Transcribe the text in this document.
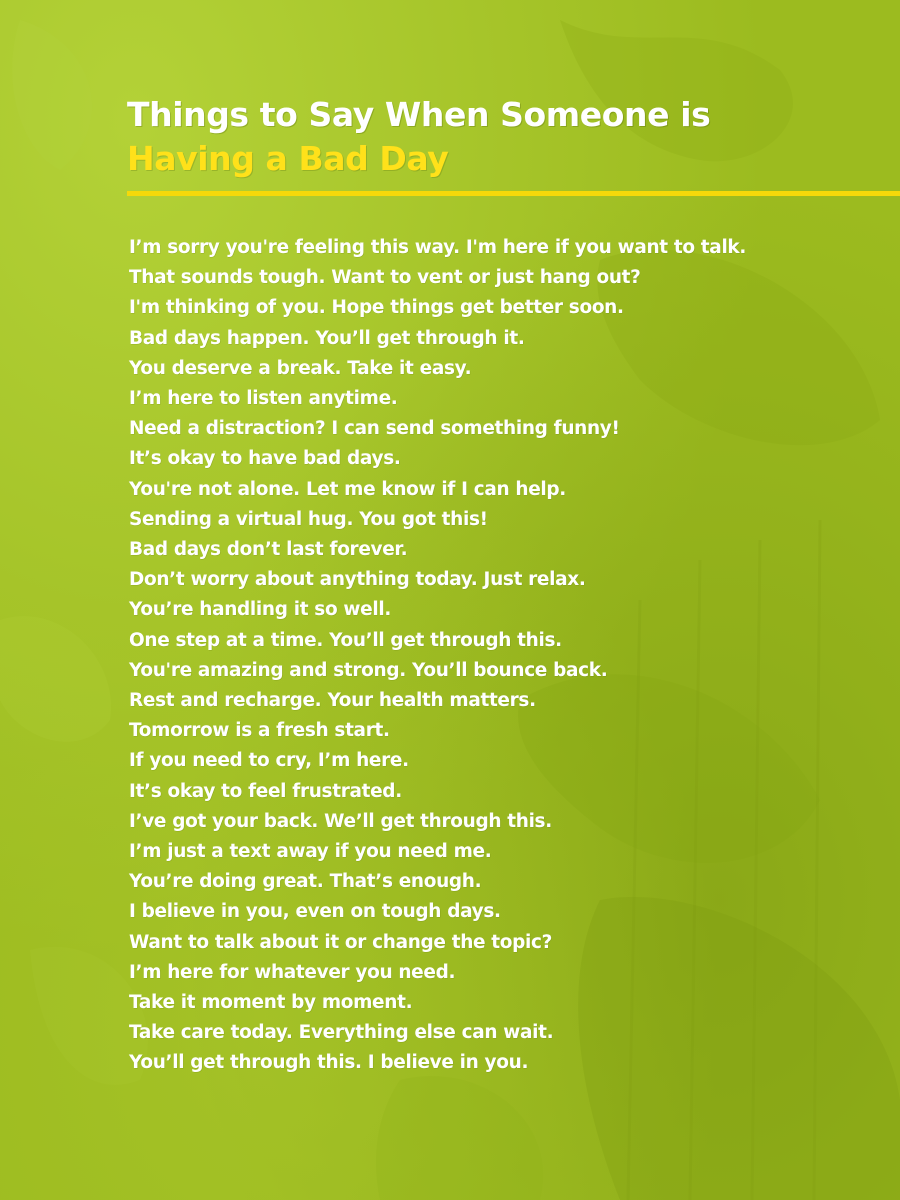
Things to Say When Someone is
Having a Bad Day
I’m sorry you're feeling this way. I'm here if you want to talk.
That sounds tough. Want to vent or just hang out?
I'm thinking of you. Hope things get better soon.
Bad days happen. You’ll get through it.
You deserve a break. Take it easy.
I’m here to listen anytime.
Need a distraction? I can send something funny!
It’s okay to have bad days.
You're not alone. Let me know if I can help.
Sending a virtual hug. You got this!
Bad days don’t last forever.
Don’t worry about anything today. Just relax.
You’re handling it so well.
One step at a time. You’ll get through this.
You're amazing and strong. You’ll bounce back.
Rest and recharge. Your health matters.
Tomorrow is a fresh start.
If you need to cry, I’m here.
It’s okay to feel frustrated.
I’ve got your back. We’ll get through this.
I’m just a text away if you need me.
You’re doing great. That’s enough.
I believe in you, even on tough days.
Want to talk about it or change the topic?
I’m here for whatever you need.
Take it moment by moment.
Take care today. Everything else can wait.
You’ll get through this. I believe in you.
